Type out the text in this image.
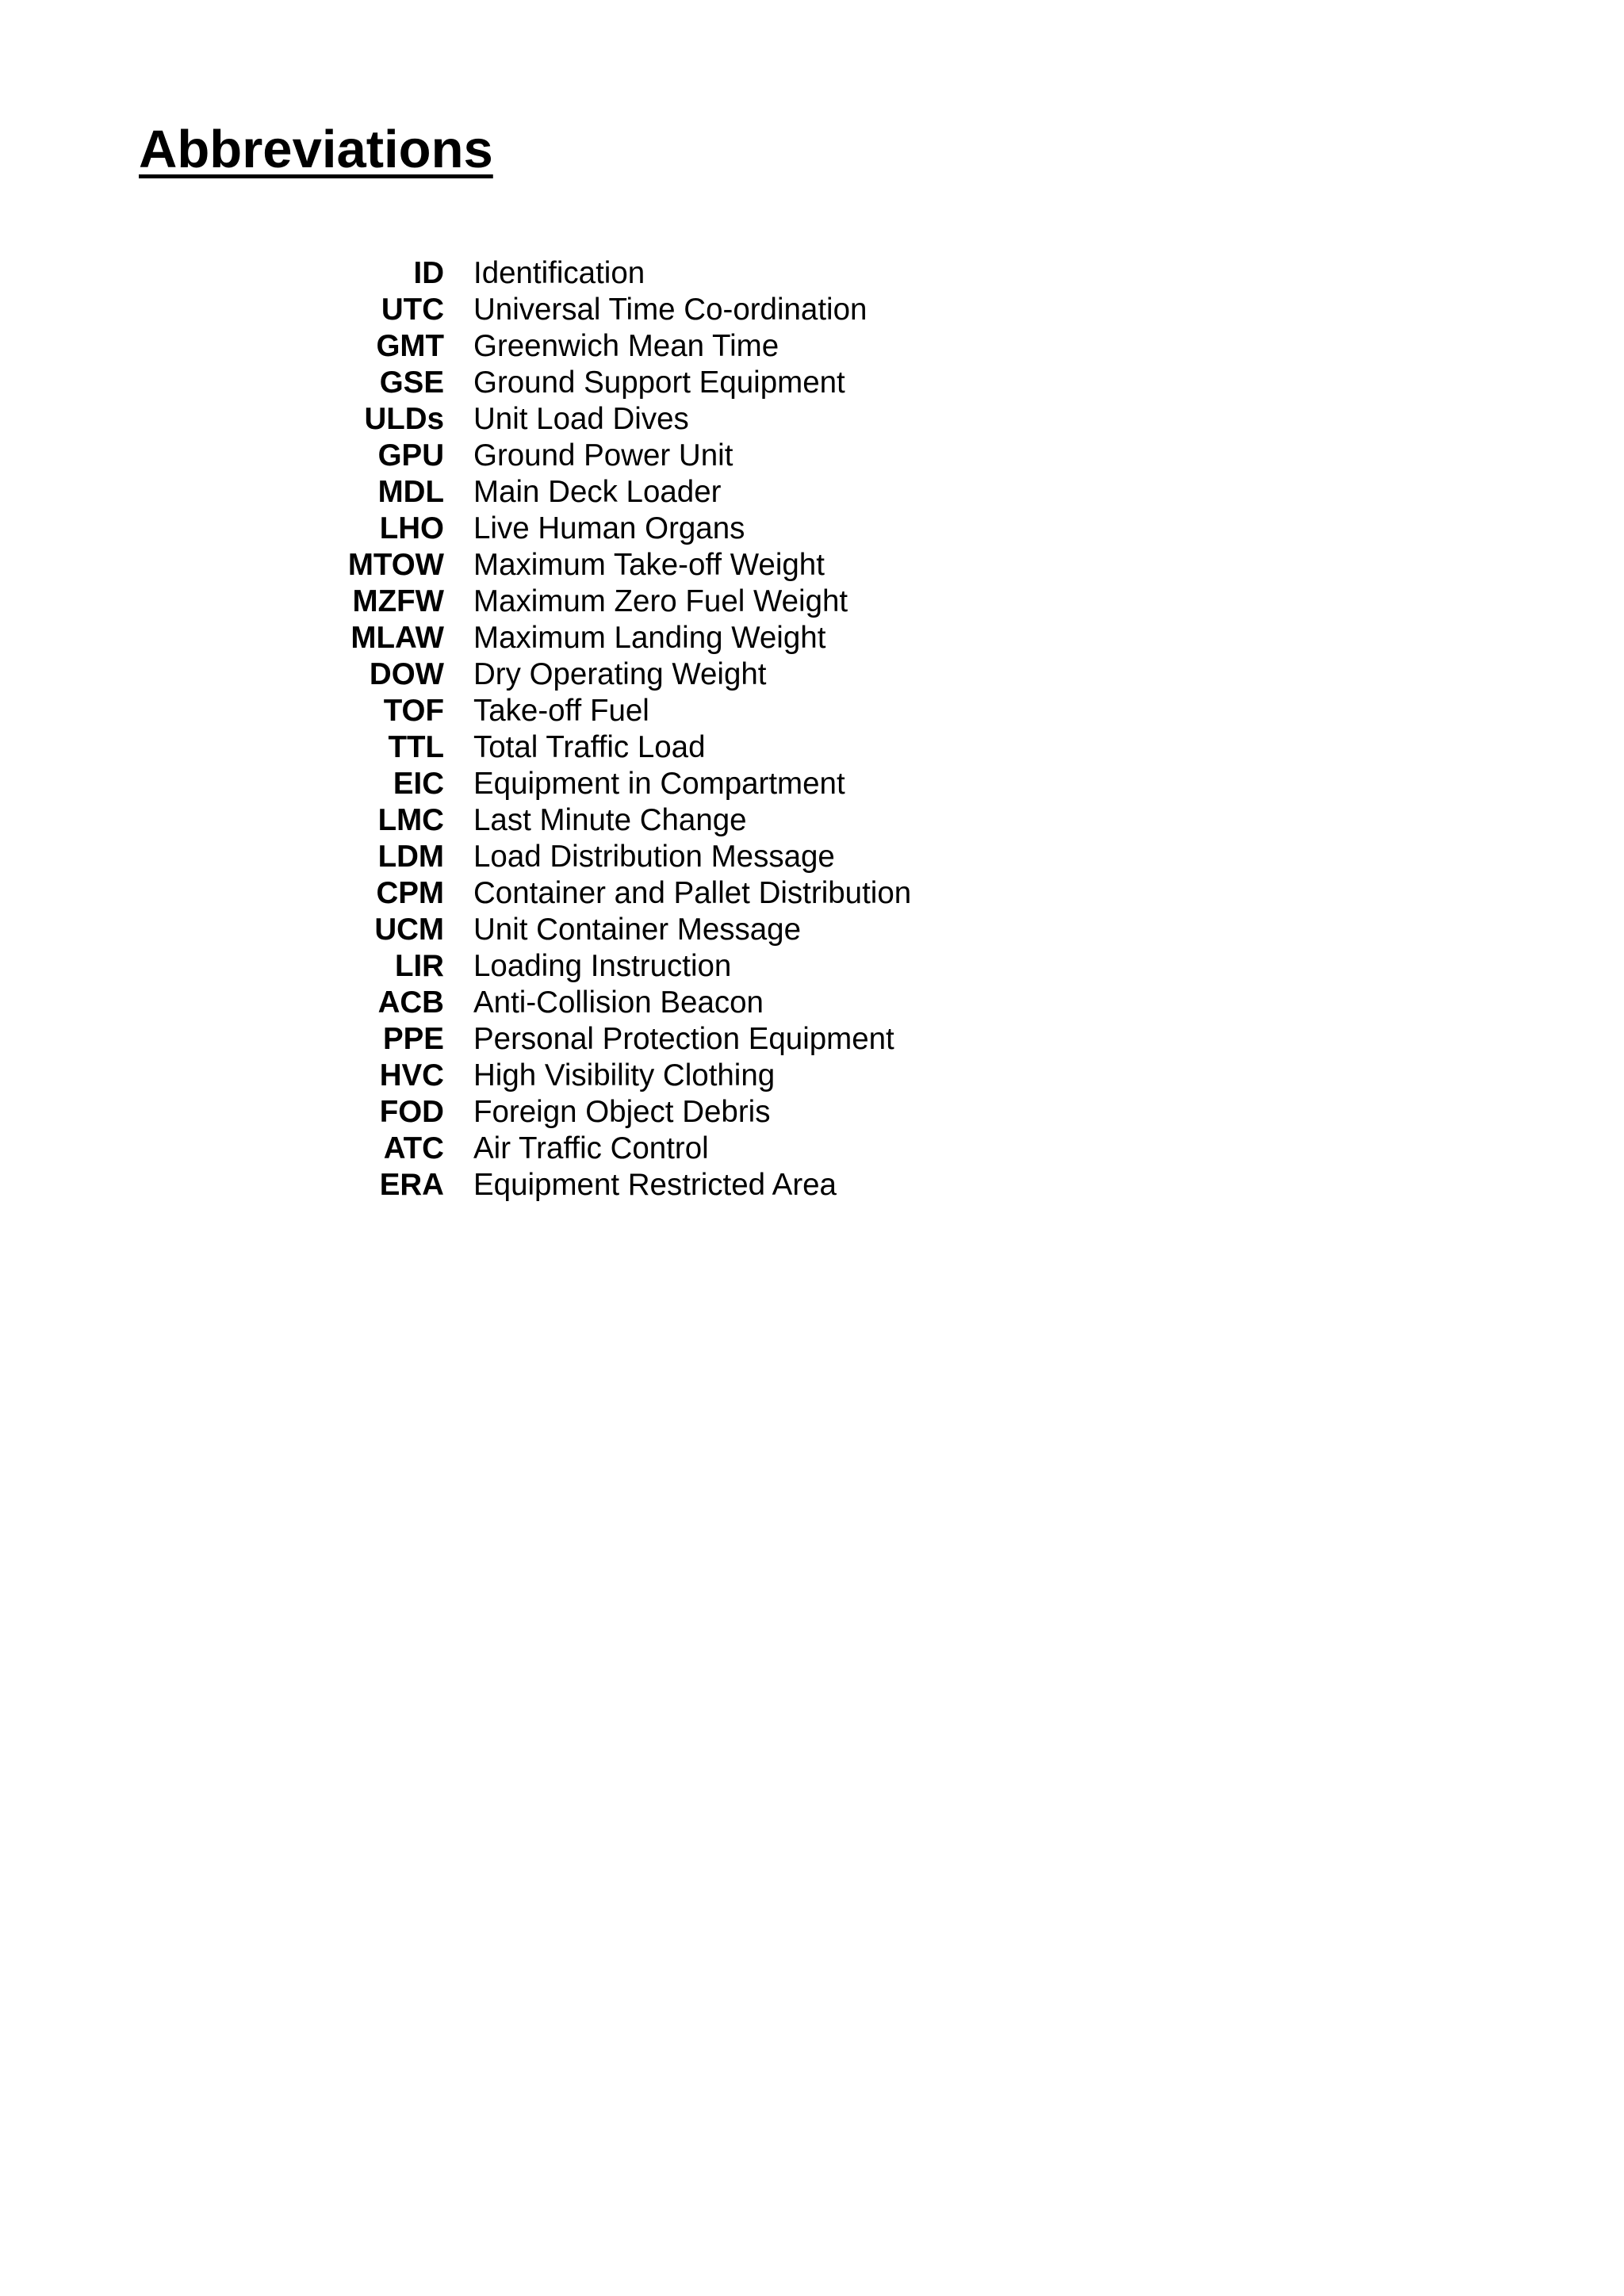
Abbreviations
ID Identification
UTC Universal Time Co-ordination
GMT Greenwich Mean Time
GSE Ground Support Equipment
ULDs Unit Load Dives
GPU Ground Power Unit
MDL Main Deck Loader
LHO Live Human Organs
MTOW Maximum Take-off Weight
MZFW Maximum Zero Fuel Weight
MLAW Maximum Landing Weight
DOW Dry Operating Weight
TOF Take-off Fuel
TTL Total Traffic Load
EIC Equipment in Compartment
LMC Last Minute Change
LDM Load Distribution Message
CPM Container and Pallet Distribution
UCM Unit Container Message
LIR Loading Instruction
ACB Anti-Collision Beacon
PPE Personal Protection Equipment
HVC High Visibility Clothing
FOD Foreign Object Debris
ATC Air Traffic Control
ERA Equipment Restricted Area
